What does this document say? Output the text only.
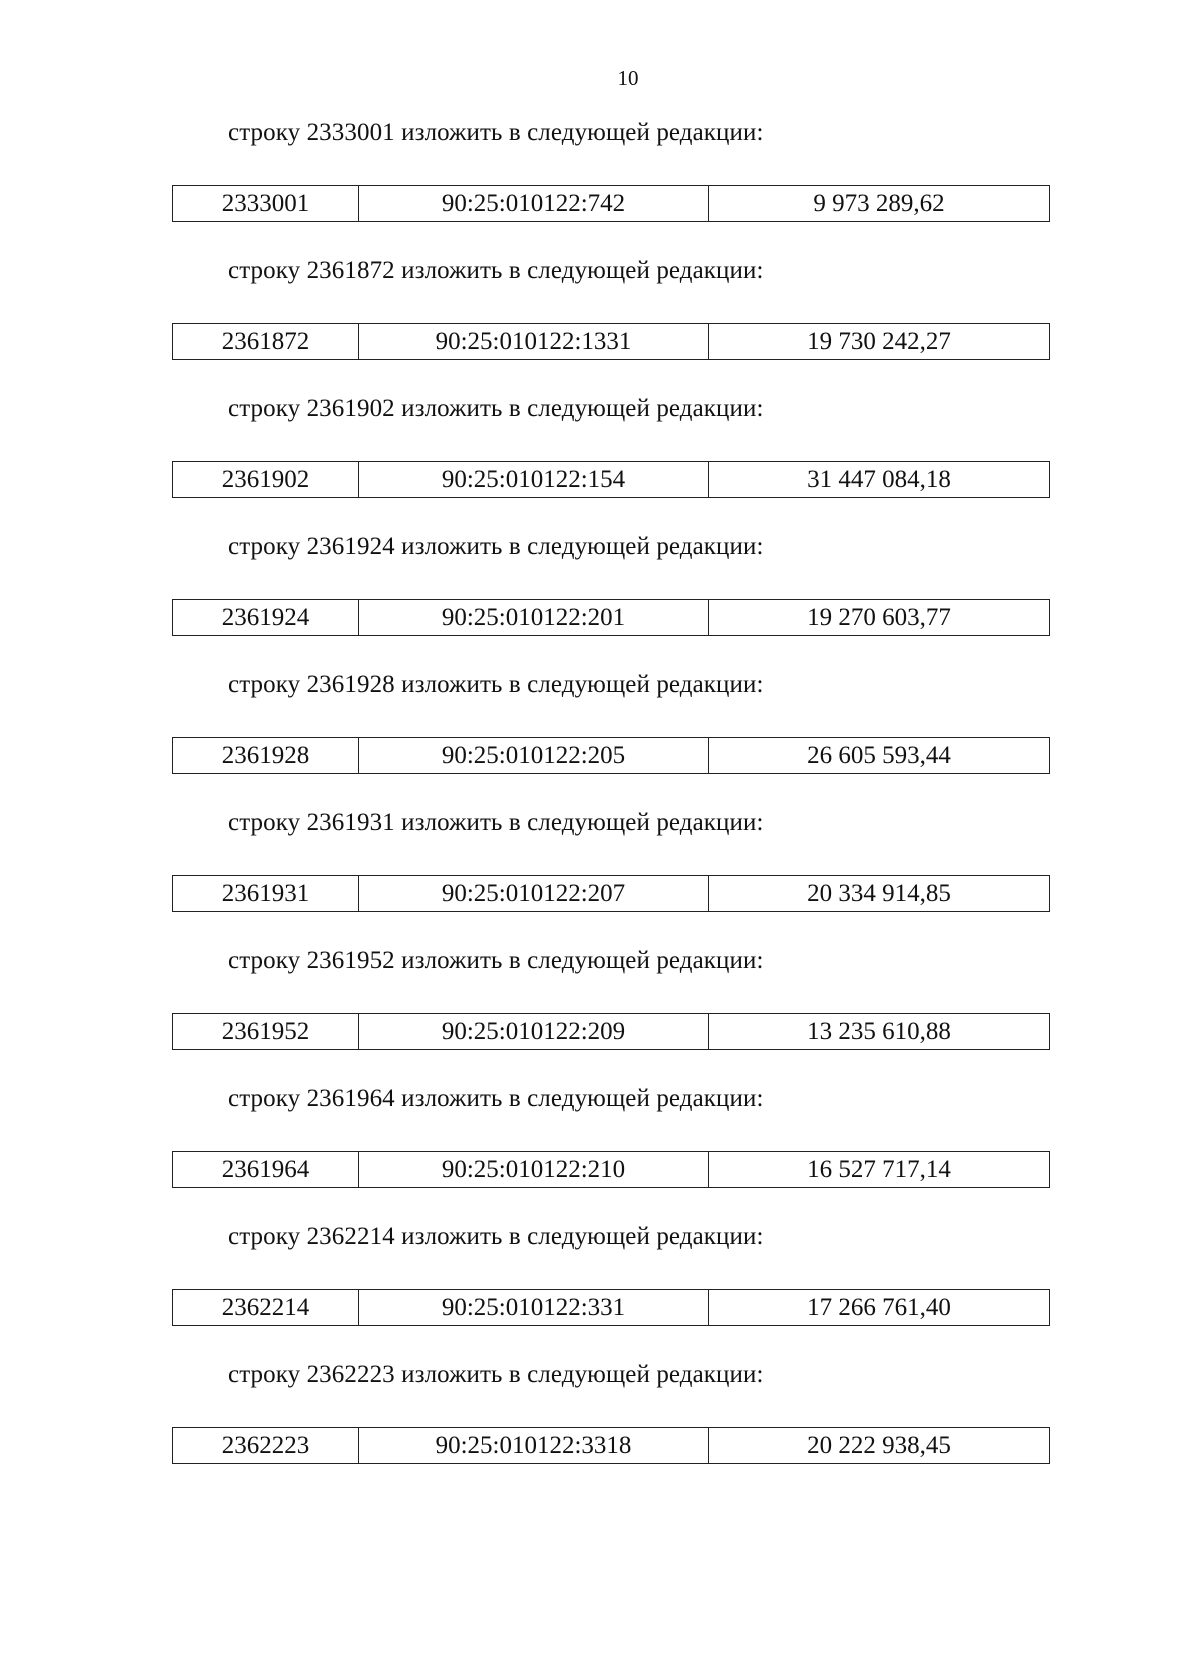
10
строку 2333001 изложить в следующей редакции:
2333001	90:25:010122:742	9 973 289,62
строку 2361872 изложить в следующей редакции:
2361872	90:25:010122:1331	19 730 242,27
строку 2361902 изложить в следующей редакции:
2361902	90:25:010122:154	31 447 084,18
строку 2361924 изложить в следующей редакции:
2361924	90:25:010122:201	19 270 603,77
строку 2361928 изложить в следующей редакции:
2361928	90:25:010122:205	26 605 593,44
строку 2361931 изложить в следующей редакции:
2361931	90:25:010122:207	20 334 914,85
строку 2361952 изложить в следующей редакции:
2361952	90:25:010122:209	13 235 610,88
строку 2361964 изложить в следующей редакции:
2361964	90:25:010122:210	16 527 717,14
строку 2362214 изложить в следующей редакции:
2362214	90:25:010122:331	17 266 761,40
строку 2362223 изложить в следующей редакции:
2362223	90:25:010122:3318	20 222 938,45
